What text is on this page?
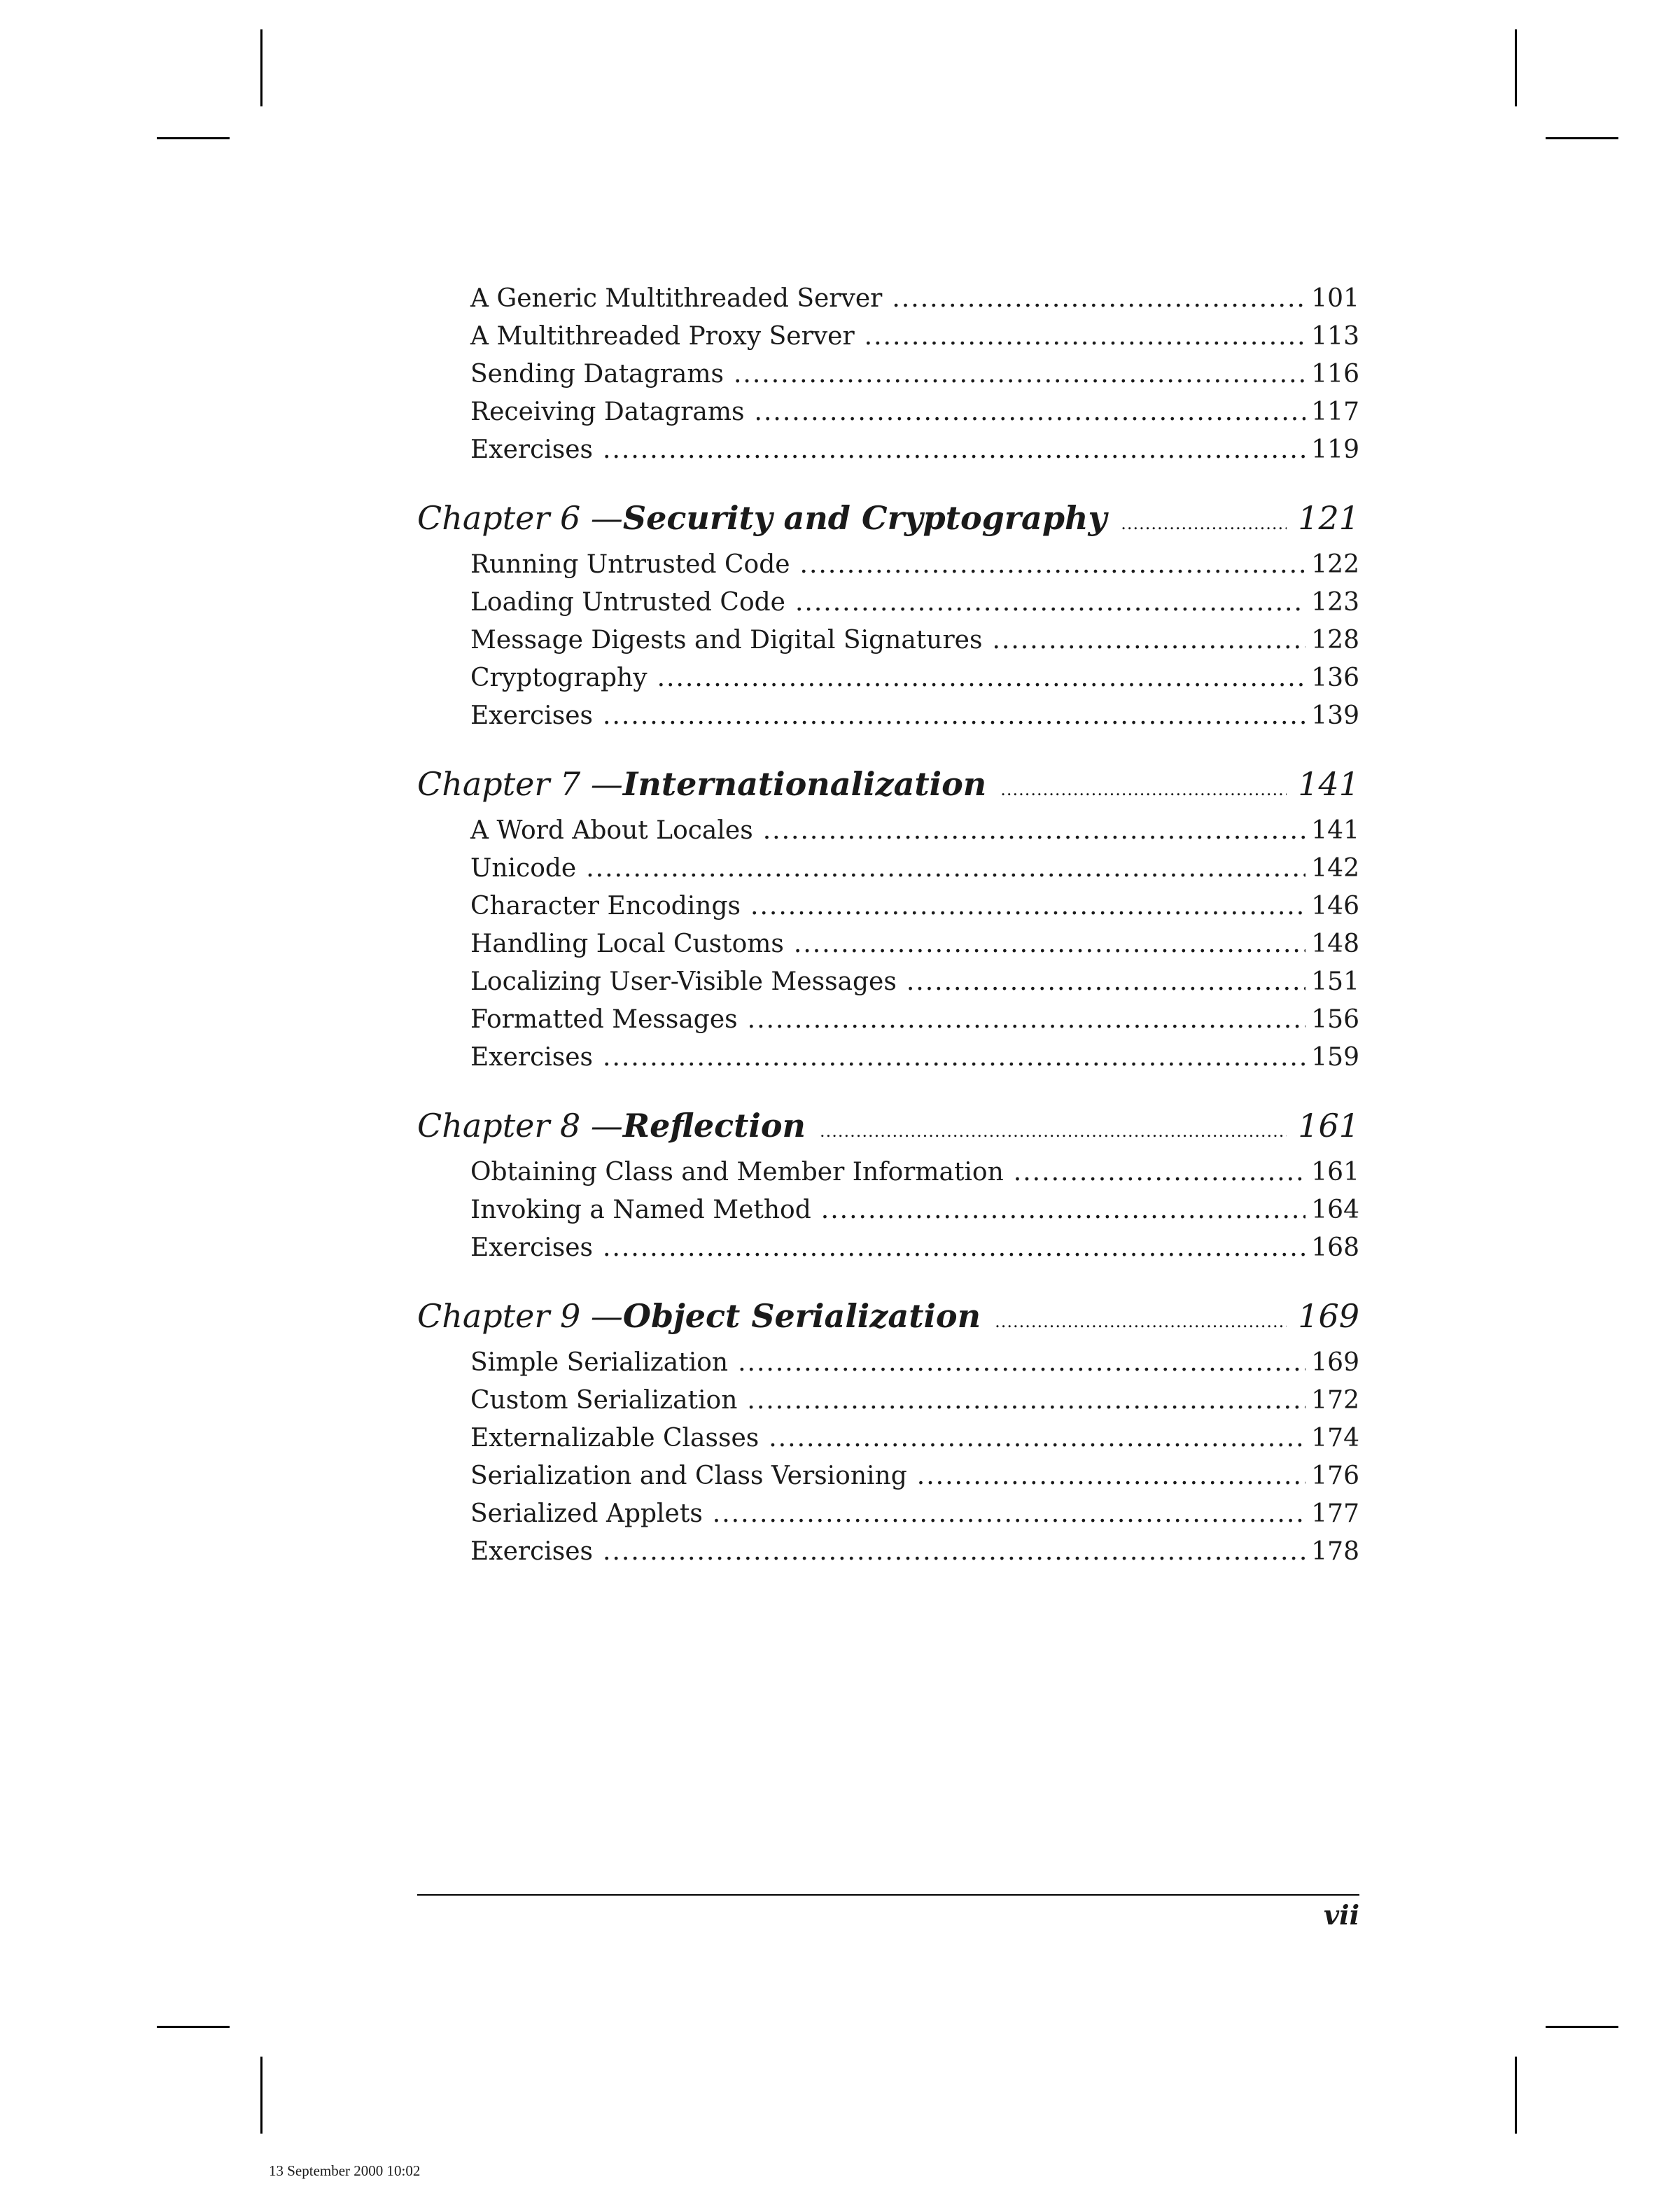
A Generic Multithreaded Server .....	101
A Multithreaded Proxy Server .....	113
Sending Datagrams .....	116
Receiving Datagrams .....	117
Exercises .....	119
Chapter 6 — Security and Cryptography .....	121
Running Untrusted Code .....	122
Loading Untrusted Code .....	123
Message Digests and Digital Signatures .....	128
Cryptography .....	136
Exercises .....	139
Chapter 7 — Internationalization .....	141
A Word About Locales .....	141
Unicode .....	142
Character Encodings .....	146
Handling Local Customs .....	148
Localizing User-Visible Messages .....	151
Formatted Messages .....	156
Exercises .....	159
Chapter 8 — Reflection .....	161
Obtaining Class and Member Information .....	161
Invoking a Named Method .....	164
Exercises .....	168
Chapter 9 — Object Serialization .....	169
Simple Serialization .....	169
Custom Serialization .....	172
Externalizable Classes .....	174
Serialization and Class Versioning .....	176
Serialized Applets .....	177
Exercises .....	178
vii
13 September 2000 10:02
